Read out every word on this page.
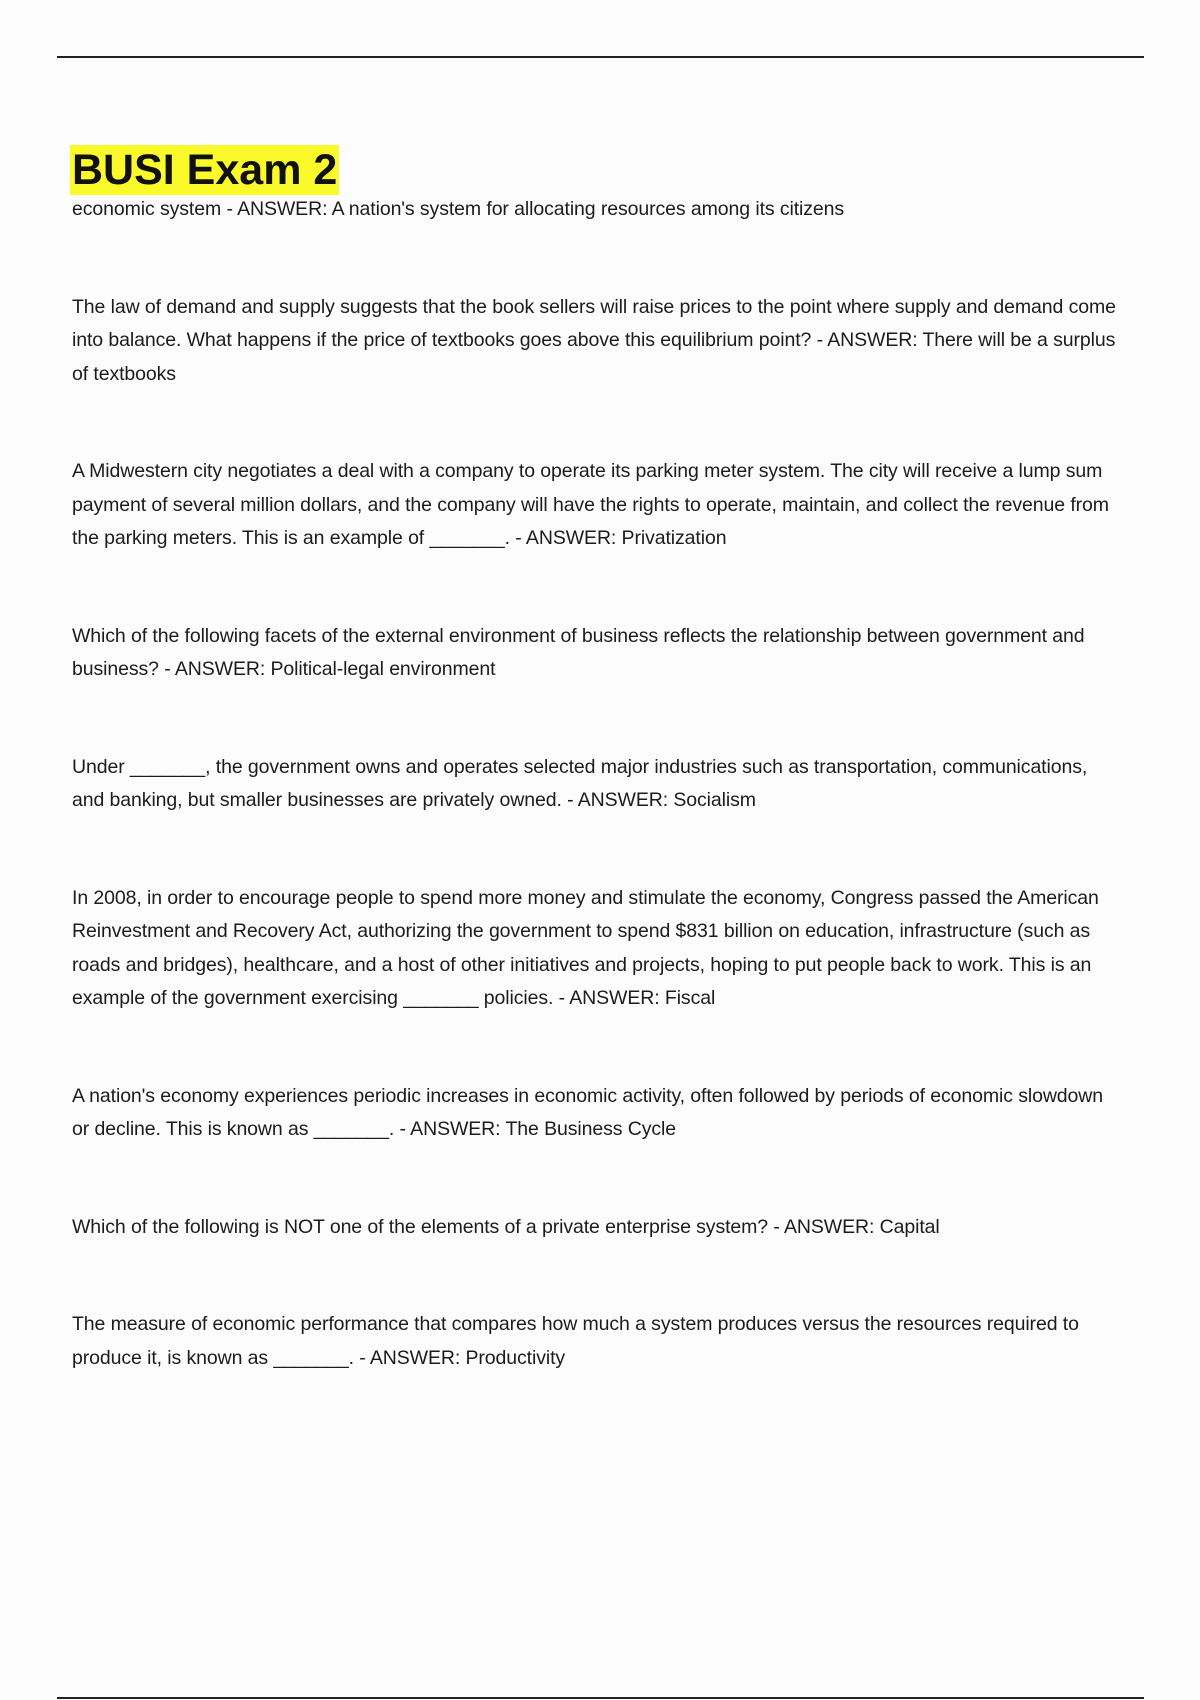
BUSI Exam 2

economic system - ANSWER: A nation's system for allocating resources among its citizens

The law of demand and supply suggests that the book sellers will raise prices to the point where supply and demand come into balance. What happens if the price of textbooks goes above this equilibrium point? - ANSWER: There will be a surplus of textbooks

A Midwestern city negotiates a deal with a company to operate its parking meter system. The city will receive a lump sum payment of several million dollars, and the company will have the rights to operate, maintain, and collect the revenue from the parking meters. This is an example of _______. - ANSWER: Privatization

Which of the following facets of the external environment of business reflects the relationship between government and business? - ANSWER: Political-legal environment

Under _______, the government owns and operates selected major industries such as transportation, communications, and banking, but smaller businesses are privately owned. - ANSWER: Socialism

In 2008, in order to encourage people to spend more money and stimulate the economy, Congress passed the American Reinvestment and Recovery Act, authorizing the government to spend $831 billion on education, infrastructure (such as roads and bridges), healthcare, and a host of other initiatives and projects, hoping to put people back to work. This is an example of the government exercising _______ policies. - ANSWER: Fiscal

A nation's economy experiences periodic increases in economic activity, often followed by periods of economic slowdown or decline. This is known as _______. - ANSWER: The Business Cycle

Which of the following is NOT one of the elements of a private enterprise system? - ANSWER: Capital

The measure of economic performance that compares how much a system produces versus the resources required to produce it, is known as _______. - ANSWER: Productivity
